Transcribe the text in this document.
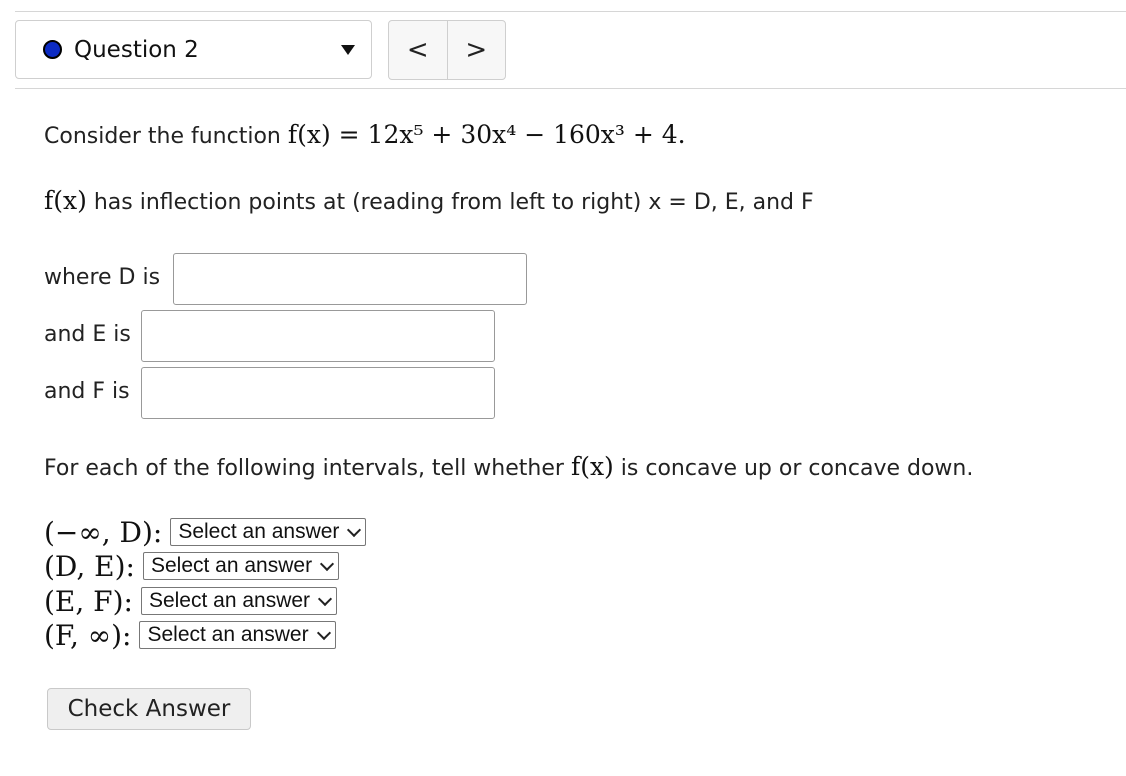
Question 2	<	>
Consider the function f(x) = 12x⁵ + 30x⁴ − 160x³ + 4.
f(x) has inflection points at (reading from left to right) x = D, E, and F
where D is
and E is
and F is
For each of the following intervals, tell whether f(x) is concave up or concave down.
(−∞, D): Select an answer
(D, E): Select an answer
(E, F): Select an answer
(F, ∞): Select an answer
Check Answer
